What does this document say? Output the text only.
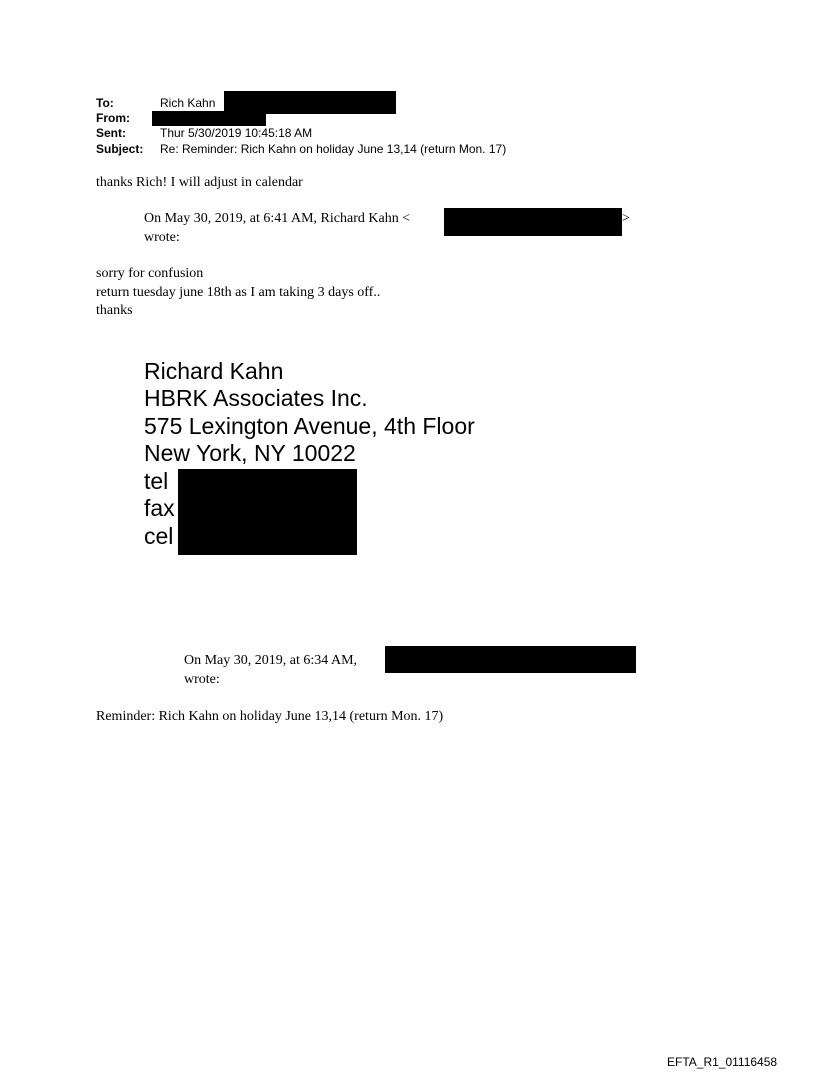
To:	Rich Kahn
From:
Sent:	Thur 5/30/2019 10:45:18 AM
Subject: Re: Reminder: Rich Kahn on holiday June 13,14 (return Mon. 17)
thanks Rich! I will adjust in calendar
On May 30, 2019, at 6:41 AM, Richard Kahn <	>
wrote:
sorry for confusion
return tuesday june 18th as I am taking 3 days off..
thanks
Richard Kahn
HBRK Associates Inc.
575 Lexington Avenue, 4th Floor
New York, NY 10022
tel
fax
cel
On May 30, 2019, at 6:34 AM,
wrote:
Reminder: Rich Kahn on holiday June 13,14 (return Mon. 17)
EFTA_R1_01116458
